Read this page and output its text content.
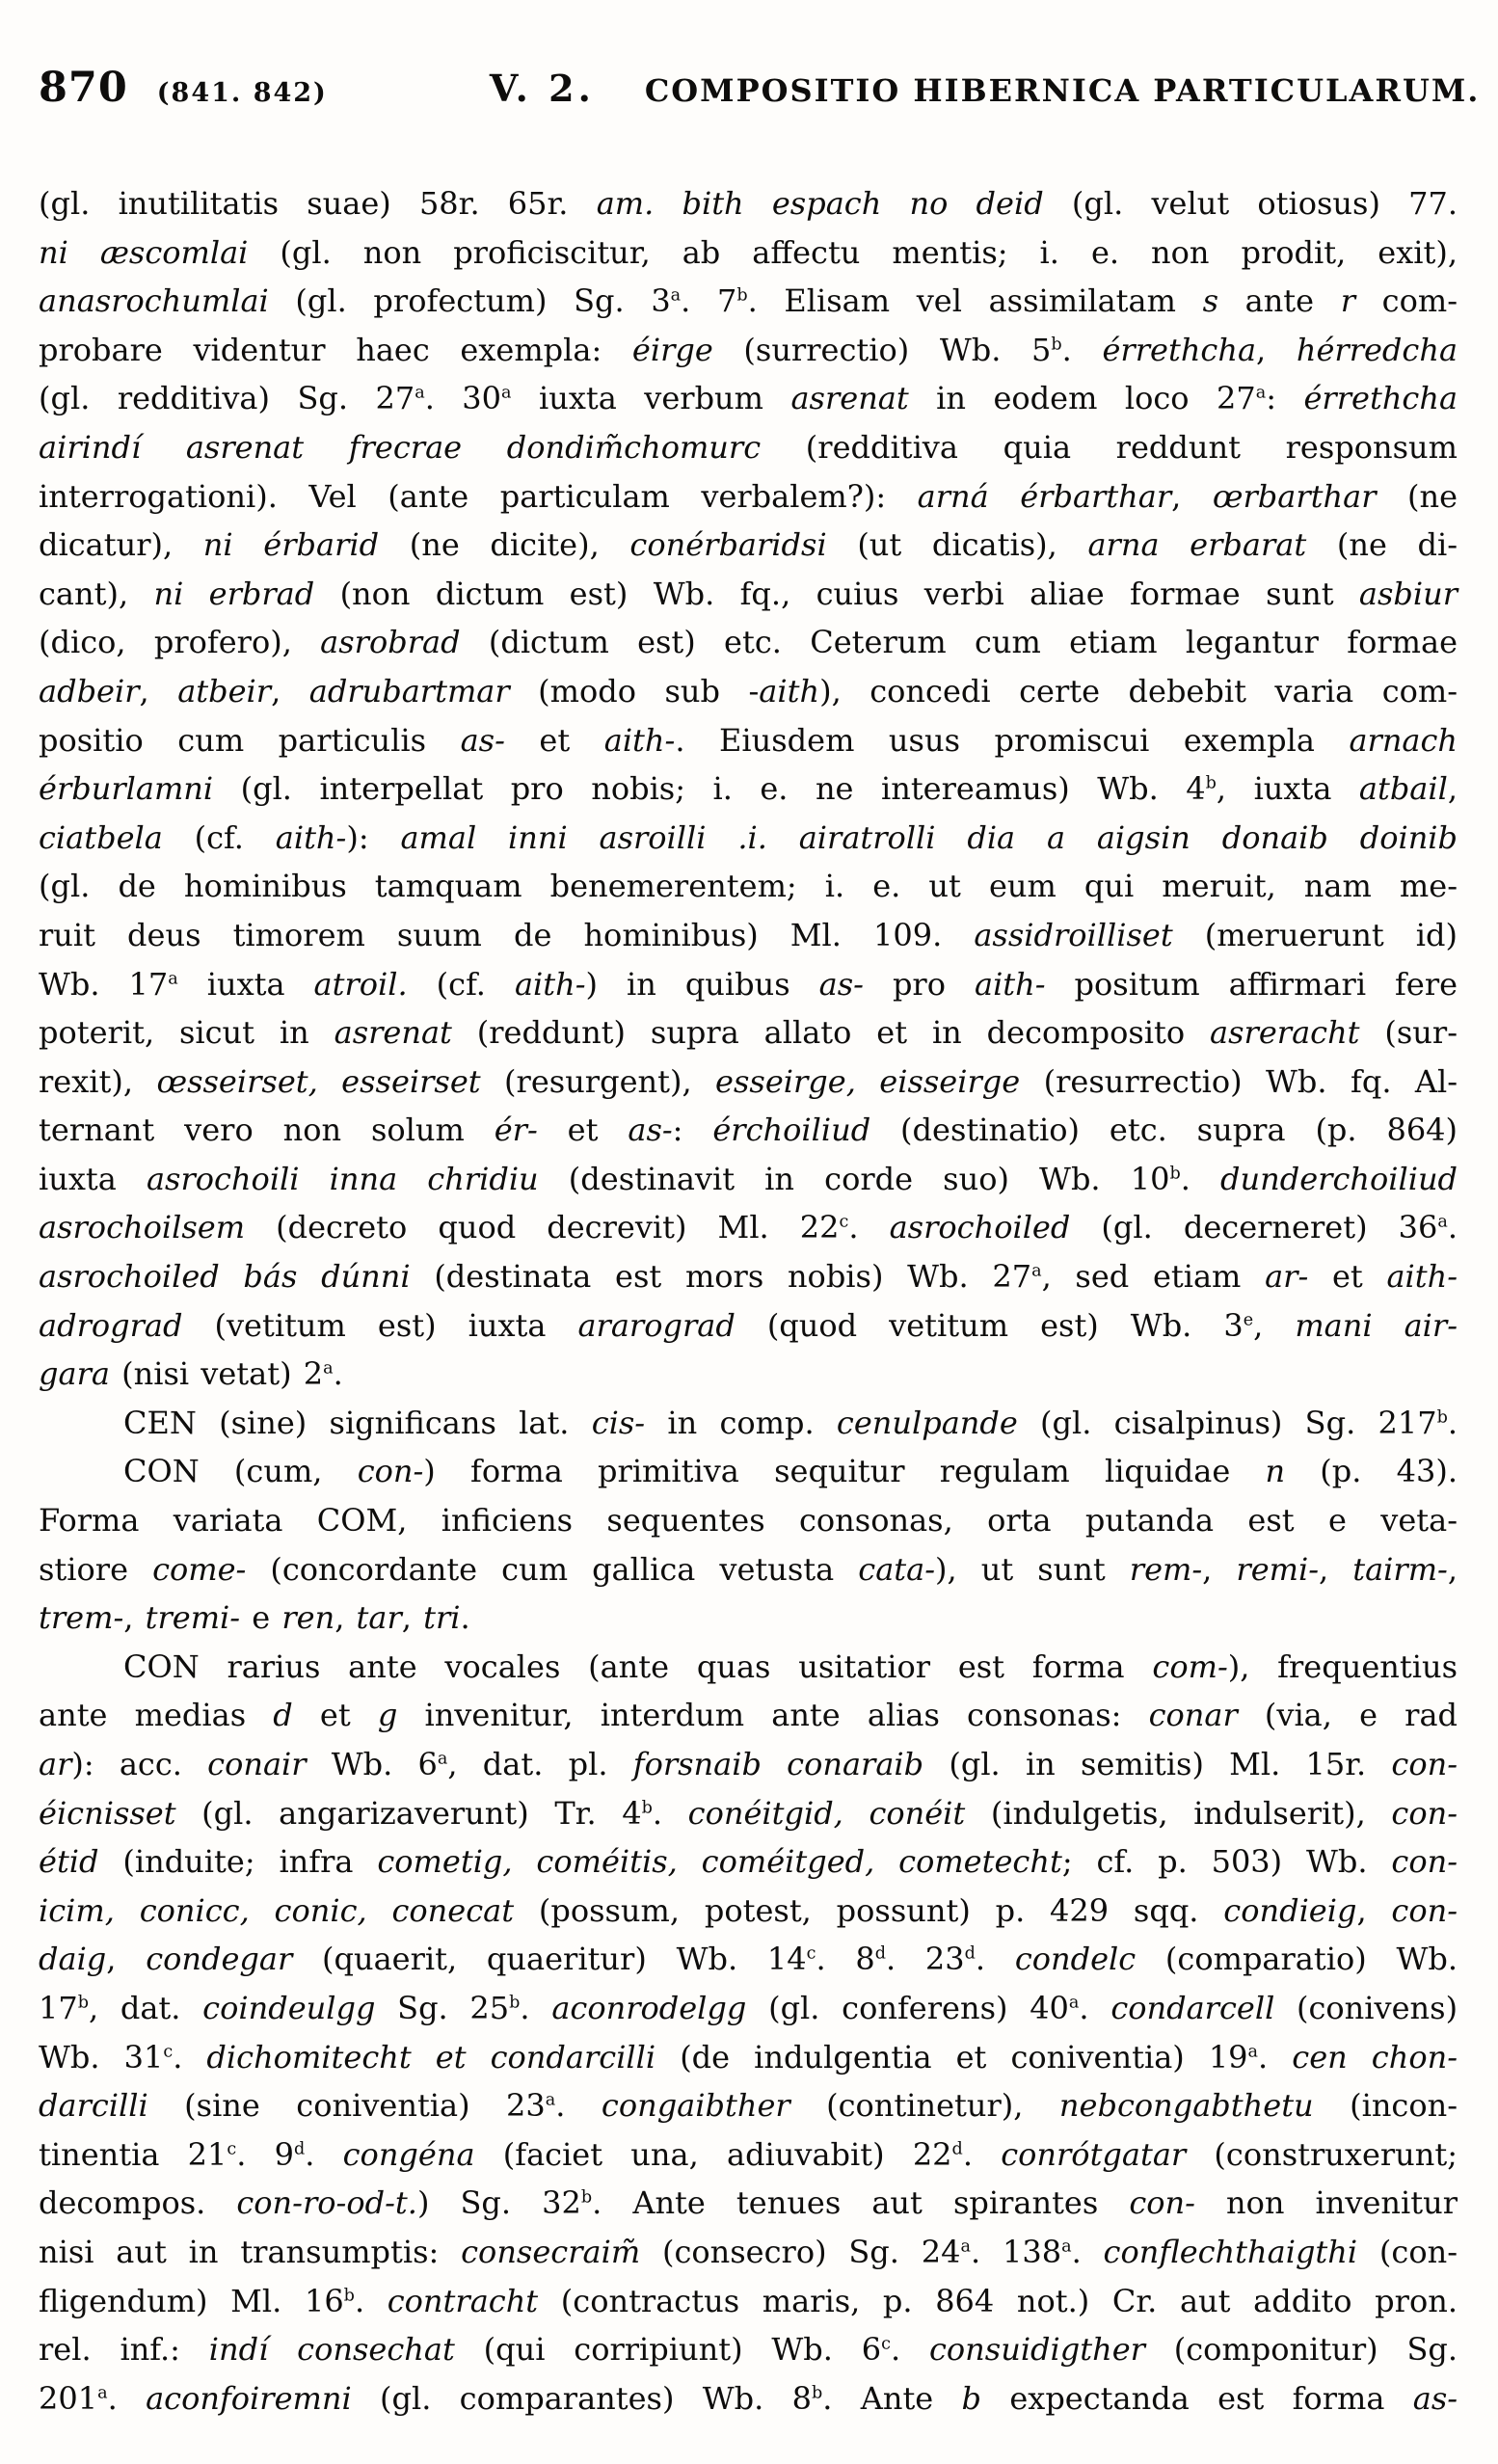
870 (841. 842)	V. 2. COMPOSITIO HIBERNICA PARTICULARUM.
(gl. inutilitatis suae) 58r. 65r. am. bith espach no deid (gl. velut otiosus) 77.
ni æscomlai (gl. non proficiscitur, ab affectu mentis; i. e. non prodit, exit),
anasrochumlai (gl. profectum) Sg. 3$^a$. 7$^b$. Elisam vel assimilatam s ante r com-
probare videntur haec exempla: éirge (surrectio) Wb. 5$^b$. érrethcha, hérredcha
(gl. redditiva) Sg. 27$^a$. 30$^a$ iuxta verbum asrenat in eodem loco 27$^a$: érrethcha
airindí asrenat frecrae dondim̃chomurc (redditiva quia reddunt responsum
interrogationi). Vel (ante particulam verbalem?): arná érbarthar, œrbarthar (ne
dicatur), ni érbarid (ne dicite), conérbaridsi (ut dicatis), arna erbarat (ne di-
cant), ni erbrad (non dictum est) Wb. fq., cuius verbi aliae formae sunt asbiur
(dico, profero), asrobrad (dictum est) etc. Ceterum cum etiam legantur formae
adbeir, atbeir, adrubartmar (modo sub -aith), concedi certe debebit varia com-
positio cum particulis as- et aith-. Eiusdem usus promiscui exempla arnach
érburlamni (gl. interpellat pro nobis; i. e. ne intereamus) Wb. 4$^b$, iuxta atbail,
ciatbela (cf. aith-): amal inni asroilli .i. airatrolli dia a aigsin donaib doinib
(gl. de hominibus tamquam benemerentem; i. e. ut eum qui meruit, nam me-
ruit deus timorem suum de hominibus) Ml. 109. assidroilliset (meruerunt id)
Wb. 17$^a$ iuxta atroil. (cf. aith-) in quibus as- pro aith- positum affirmari fere
poterit, sicut in asrenat (reddunt) supra allato et in decomposito asreracht (sur-
rexit), œsseirset, esseirset (resurgent), esseirge, eisseirge (resurrectio) Wb. fq. Al-
ternant vero non solum ér- et as-: érchoiliud (destinatio) etc. supra (p. 864)
iuxta asrochoili inna chridiu (destinavit in corde suo) Wb. 10$^b$. dunderchoiliud
asrochoilsem (decreto quod decrevit) Ml. 22$^c$. asrochoiled (gl. decerneret) 36$^a$.
asrochoiled bás dúnni (destinata est mors nobis) Wb. 27$^a$, sed etiam ar- et aith-
adrograd (vetitum est) iuxta ararograd (quod vetitum est) Wb. 3e, mani air-
gara (nisi vetat) 2$^a$.
CEN (sine) significans lat. cis- in comp. cenulpande (gl. cisalpinus) Sg. 217$^b$.
CON (cum, con-) forma primitiva sequitur regulam liquidae n (p. 43).
Forma variata COM, inficiens sequentes consonas, orta putanda est e veta-
stiore come- (concordante cum gallica vetusta cata-), ut sunt rem-, remi-, tairm-,
trem-, tremi- e ren, tar, tri.
CON rarius ante vocales (ante quas usitatior est forma com-), frequentius
ante medias d et g invenitur, interdum ante alias consonas: conar (via, e rad
ar): acc. conair Wb. 6$^a$, dat. pl. forsnaib conaraib (gl. in semitis) Ml. 15r. con-
éicnisset (gl. angarizaverunt) Tr. 4$^b$. conéitgid, conéit (indulgetis, indulserit), con-
étid (induite; infra cometig, coméitis, coméitged, cometecht; cf. p. 503) Wb. con-
icim, conicc, conic, conecat (possum, potest, possunt) p. 429 sqq. condieig, con-
daig, condegar (quaerit, quaeritur) Wb. 14$^c$. 8$^d$. 23$^d$. condelc (comparatio) Wb.
17$^b$, dat. coindeulgg Sg. 25$^b$. aconrodelgg (gl. conferens) 40$^a$. condarcell (conivens)
Wb. 31$^c$. dichomitecht et condarcilli (de indulgentia et coniventia) 19$^a$. cen chon-
darcilli (sine coniventia) 23$^a$. congaibther (continetur), nebcongabthetu (incon-
tinentia 21$^c$. 9$^d$. congéna (faciet una, adiuvabit) 22$^d$. conrótgatar (construxerunt;
decompos. con-ro-od-t.) Sg. 32$^b$. Ante tenues aut spirantes con- non invenitur
nisi aut in transumptis: consecraim̃ (consecro) Sg. 24$^a$. 138$^a$. conflechthaigthi (con-
fligendum) Ml. 16$^b$. contracht (contractus maris, p. 864 not.) Cr. aut addito pron.
rel. inf.: indí consechat (qui corripiunt) Wb. 6$^c$. consuidigther (componitur) Sg.
201$^a$. aconfoiremni (gl. comparantes) Wb. 8$^b$. Ante b expectanda est forma as-
